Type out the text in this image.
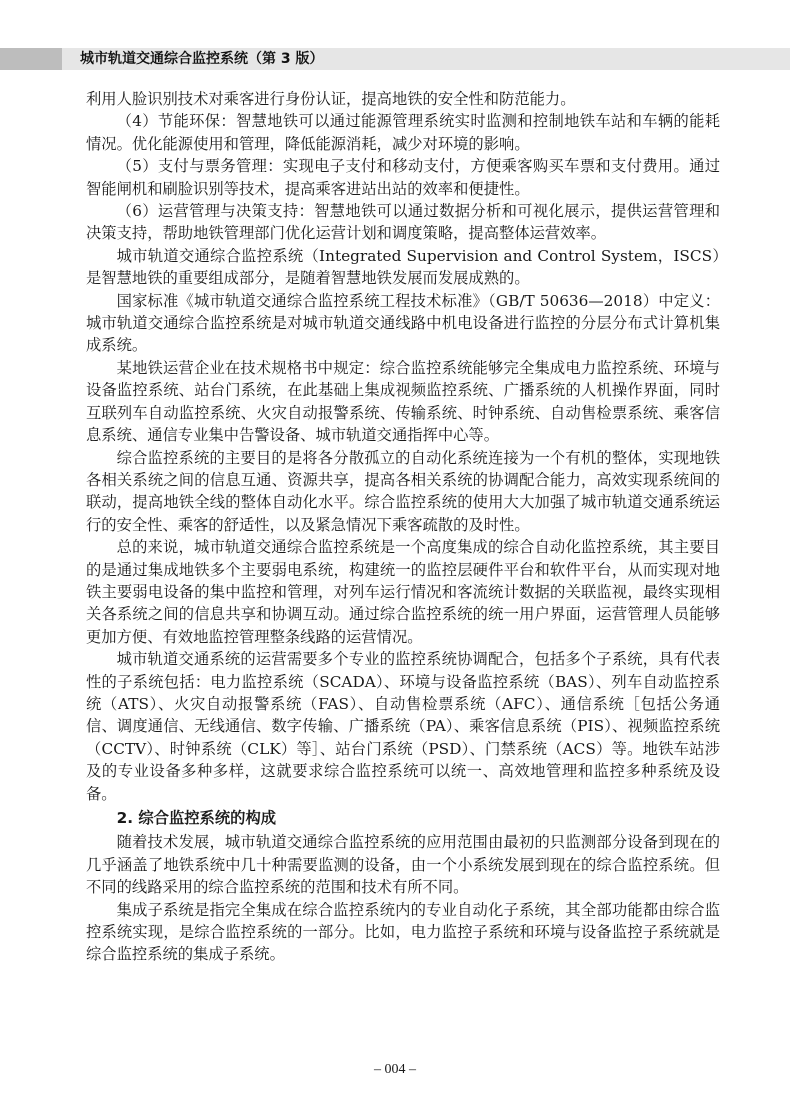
城市轨道交通综合监控系统（第 3 版）

利用人脸识别技术对乘客进行身份认证，提高地铁的安全性和防范能力。

（4）节能环保：智慧地铁可以通过能源管理系统实时监测和控制地铁车站和车辆的能耗情况。优化能源使用和管理，降低能源消耗，减少对环境的影响。

（5）支付与票务管理：实现电子支付和移动支付，方便乘客购买车票和支付费用。通过智能闸机和刷脸识别等技术，提高乘客进站出站的效率和便捷性。

（6）运营管理与决策支持：智慧地铁可以通过数据分析和可视化展示，提供运营管理和决策支持，帮助地铁管理部门优化运营计划和调度策略，提高整体运营效率。

城市轨道交通综合监控系统（Integrated Supervision and Control System，ISCS）是智慧地铁的重要组成部分，是随着智慧地铁发展而发展成熟的。

国家标准《城市轨道交通综合监控系统工程技术标准》（GB/T 50636—2018）中定义：城市轨道交通综合监控系统是对城市轨道交通线路中机电设备进行监控的分层分布式计算机集成系统。

某地铁运营企业在技术规格书中规定：综合监控系统能够完全集成电力监控系统、环境与设备监控系统、站台门系统，在此基础上集成视频监控系统、广播系统的人机操作界面，同时互联列车自动监控系统、火灾自动报警系统、传输系统、时钟系统、自动售检票系统、乘客信息系统、通信专业集中告警设备、城市轨道交通指挥中心等。

综合监控系统的主要目的是将各分散孤立的自动化系统连接为一个有机的整体，实现地铁各相关系统之间的信息互通、资源共享，提高各相关系统的协调配合能力，高效实现系统间的联动，提高地铁全线的整体自动化水平。综合监控系统的使用大大加强了城市轨道交通系统运行的安全性、乘客的舒适性，以及紧急情况下乘客疏散的及时性。

总的来说，城市轨道交通综合监控系统是一个高度集成的综合自动化监控系统，其主要目的是通过集成地铁多个主要弱电系统，构建统一的监控层硬件平台和软件平台，从而实现对地铁主要弱电设备的集中监控和管理，对列车运行情况和客流统计数据的关联监视，最终实现相关各系统之间的信息共享和协调互动。通过综合监控系统的统一用户界面，运营管理人员能够更加方便、有效地监控管理整条线路的运营情况。

城市轨道交通系统的运营需要多个专业的监控系统协调配合，包括多个子系统，具有代表性的子系统包括：电力监控系统（SCADA）、环境与设备监控系统（BAS）、列车自动监控系统（ATS）、火灾自动报警系统（FAS）、自动售检票系统（AFC）、通信系统［包括公务通信、调度通信、无线通信、数字传输、广播系统（PA）、乘客信息系统（PIS）、视频监控系统（CCTV）、时钟系统（CLK）等］、站台门系统（PSD）、门禁系统（ACS）等。地铁车站涉及的专业设备多种多样，这就要求综合监控系统可以统一、高效地管理和监控多种系统及设备。

2. 综合监控系统的构成

随着技术发展，城市轨道交通综合监控系统的应用范围由最初的只监测部分设备到现在的几乎涵盖了地铁系统中几十种需要监测的设备，由一个小系统发展到现在的综合监控系统。但不同的线路采用的综合监控系统的范围和技术有所不同。

集成子系统是指完全集成在综合监控系统内的专业自动化子系统，其全部功能都由综合监控系统实现，是综合监控系统的一部分。比如，电力监控子系统和环境与设备监控子系统就是综合监控系统的集成子系统。

– 004 –
